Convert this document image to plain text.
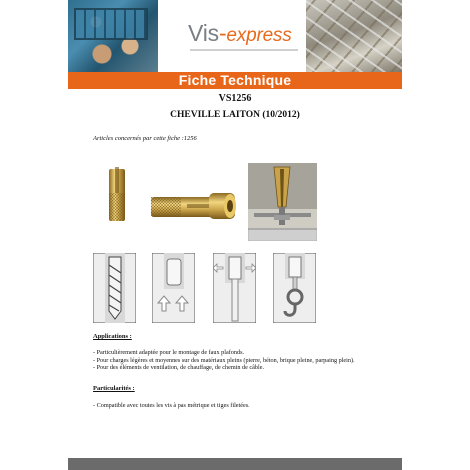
Vis-express
Fiche Technique
VS1256
CHEVILLE LAITON (10/2012)
Articles concernés par cette fiche :1256
Applications :
- Particulièrement adaptée pour le montage de faux plafonds.
- Pour charges légères et moyennes sur des matériaux pleins (pierre, béton, brique pleine, parpaing plein).
- Pour des éléments de ventilation, de chauffage, de chemin de câble.
Particularités :
- Compatible avec toutes les vis à pas métrique et tiges filetées.
